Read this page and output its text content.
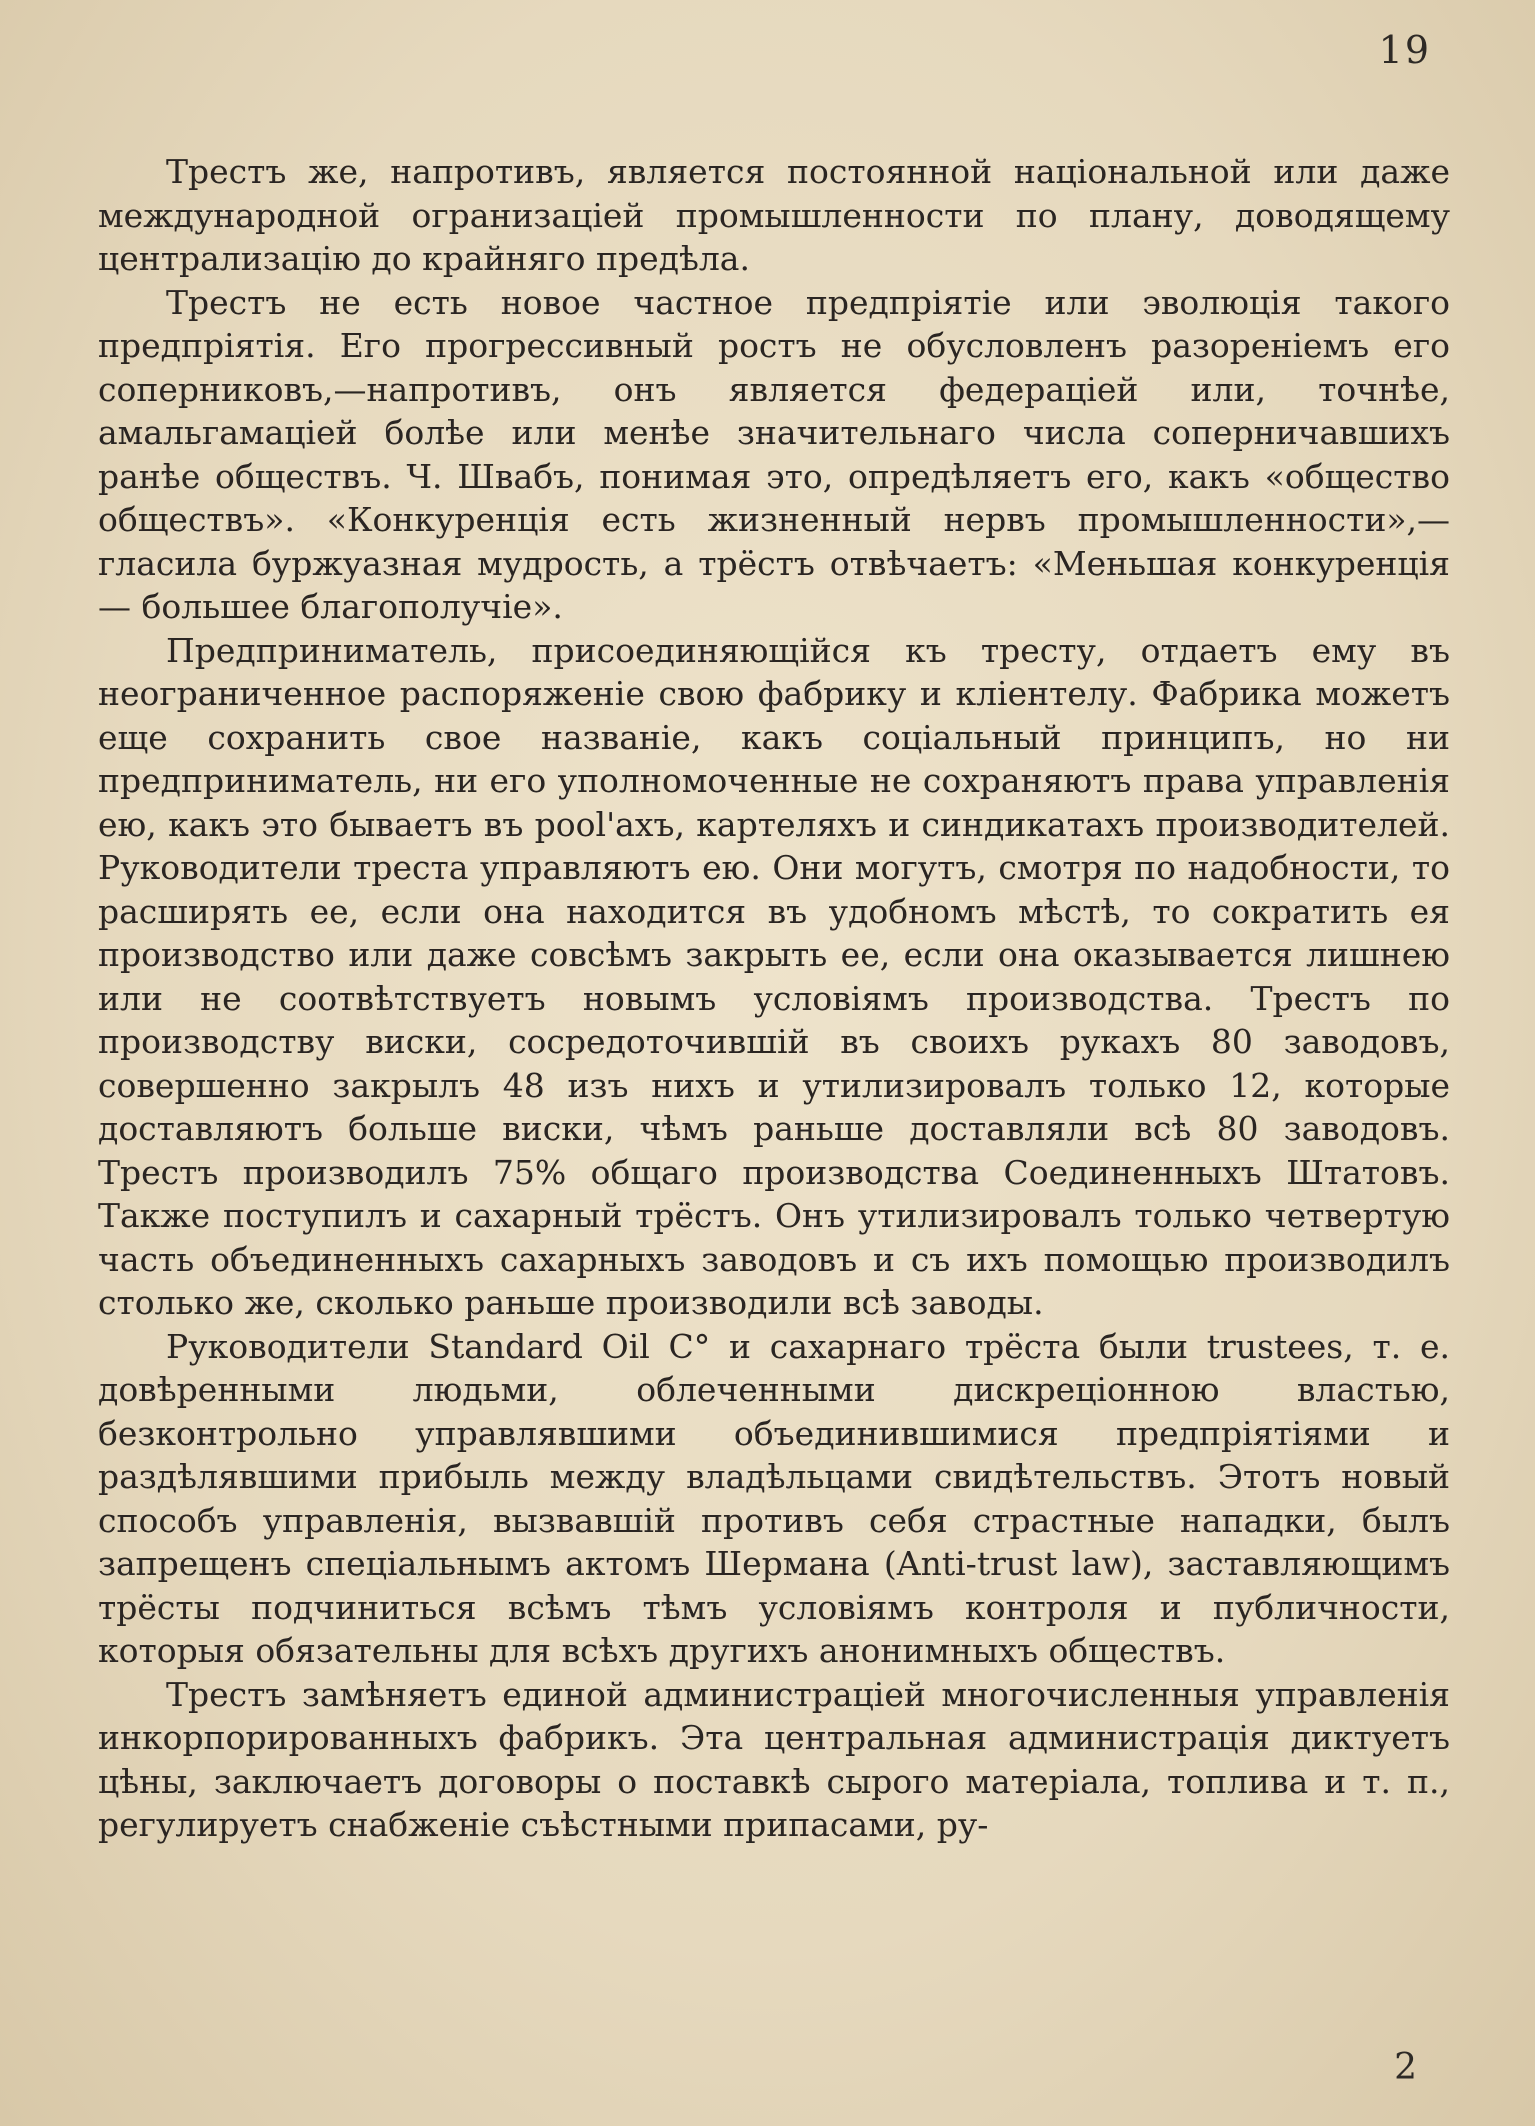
19

Трестъ же, напротивъ, является постоянной національной или даже международной огранизаціей промышленности по плану, доводящему централизацію до крайняго предѣла.

Трестъ не есть новое частное предпріятіе или эволюція такого предпріятія. Его прогрессивный ростъ не обусловленъ разореніемъ его соперниковъ,—напротивъ, онъ является федераціей или, точнѣе, амальгамаціей болѣе или менѣе значительнаго числа соперничавшихъ ранѣе обществъ. Ч. Швабъ, понимая это, опредѣляетъ его, какъ «общество обществъ». «Конкуренція есть жизненный нервъ промышленности»,—гласила буржуазная мудрость, а трёстъ отвѣчаетъ: «Меньшая конкуренція — большее благополучіе».

Предприниматель, присоединяющійся къ тресту, отдаетъ ему въ неограниченное распоряженіе свою фабрику и кліентелу. Фабрика можетъ еще сохранить свое названіе, какъ соціальный принципъ, но ни предприниматель, ни его уполномоченные не сохраняютъ права управленія ею, какъ это бываетъ въ pool'ахъ, картеляхъ и синдикатахъ производителей. Руководители треста управляютъ ею. Они могутъ, смотря по надобности, то расширять ее, если она находится въ удобномъ мѣстѣ, то сократить ея производство или даже совсѣмъ закрыть ее, если она оказывается лишнею или не соотвѣтствуетъ новымъ условіямъ производства. Трестъ по производству виски, сосредоточившій въ своихъ рукахъ 80 заводовъ, совершенно закрылъ 48 изъ нихъ и утилизировалъ только 12, которые доставляютъ больше виски, чѣмъ раньше доставляли всѣ 80 заводовъ. Трестъ производилъ 75% общаго производства Соединенныхъ Штатовъ. Также поступилъ и сахарный трёстъ. Онъ утилизировалъ только четвертую часть объединенныхъ сахарныхъ заводовъ и съ ихъ помощью производилъ столько же, сколько раньше производили всѣ заводы.

Руководители Standard Oil C° и сахарнаго трёста были trustees, т. е. довѣренными людьми, облеченными дискреціонною властью, безконтрольно управлявшими объединившимися предпріятіями и раздѣлявшими прибыль между владѣльцами свидѣтельствъ. Этотъ новый способъ управленія, вызвавшій противъ себя страстные нападки, былъ запрещенъ спеціальнымъ актомъ Шермана (Anti-trust law), заставляющимъ трёсты подчиниться всѣмъ тѣмъ условіямъ контроля и публичности, которыя обязательны для всѣхъ другихъ анонимныхъ обществъ.

Трестъ замѣняетъ единой администраціей многочисленныя управленія инкорпорированныхъ фабрикъ. Эта центральная администрація диктуетъ цѣны, заключаетъ договоры о поставкѣ сырого матеріала, топлива и т. п., регулируетъ снабженіе съѣстными припасами, ру-

2
